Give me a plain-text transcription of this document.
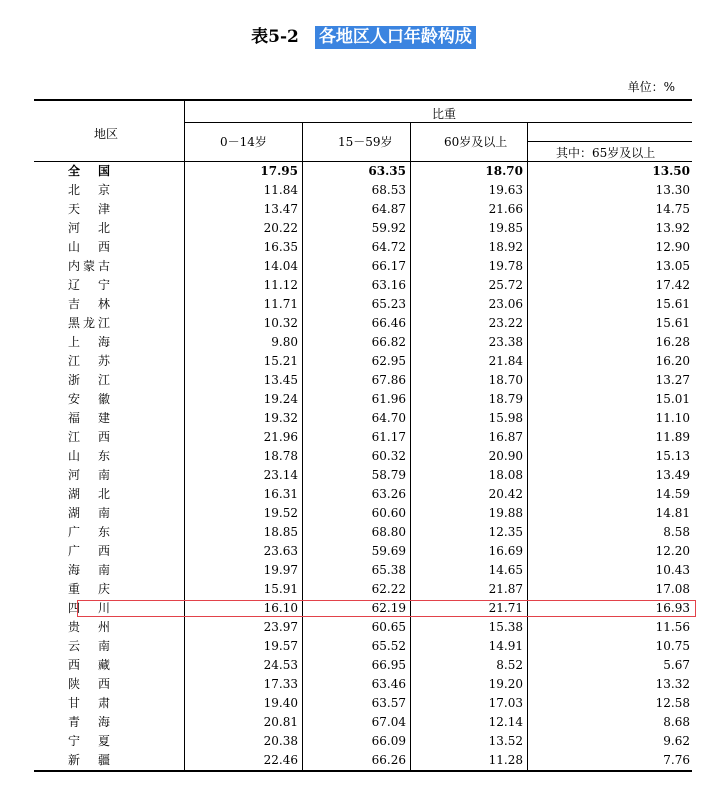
表5-2 各地区人口年龄构成
单位：%
地区
比重
0－14岁	15－59岁	60岁及以上
其中：65岁及以上
全　国	17.95	63.35	18.70	13.50
北　京	11.84	68.53	19.63	13.30
天　津	13.47	64.87	21.66	14.75
河　北	20.22	59.92	19.85	13.92
山　西	16.35	64.72	18.92	12.90
内蒙古	14.04	66.17	19.78	13.05
辽　宁	11.12	63.16	25.72	17.42
吉　林	11.71	65.23	23.06	15.61
黑龙江	10.32	66.46	23.22	15.61
上　海	9.80	66.82	23.38	16.28
江　苏	15.21	62.95	21.84	16.20
浙　江	13.45	67.86	18.70	13.27
安　徽	19.24	61.96	18.79	15.01
福　建	19.32	64.70	15.98	11.10
江　西	21.96	61.17	16.87	11.89
山　东	18.78	60.32	20.90	15.13
河　南	23.14	58.79	18.08	13.49
湖　北	16.31	63.26	20.42	14.59
湖　南	19.52	60.60	19.88	14.81
广　东	18.85	68.80	12.35	8.58
广　西	23.63	59.69	16.69	12.20
海　南	19.97	65.38	14.65	10.43
重　庆	15.91	62.22	21.87	17.08
四　川	16.10	62.19	21.71	16.93
贵　州	23.97	60.65	15.38	11.56
云　南	19.57	65.52	14.91	10.75
西　藏	24.53	66.95	8.52	5.67
陕　西	17.33	63.46	19.20	13.32
甘　肃	19.40	63.57	17.03	12.58
青　海	20.81	67.04	12.14	8.68
宁　夏	20.38	66.09	13.52	9.62
新　疆	22.46	66.26	11.28	7.76
